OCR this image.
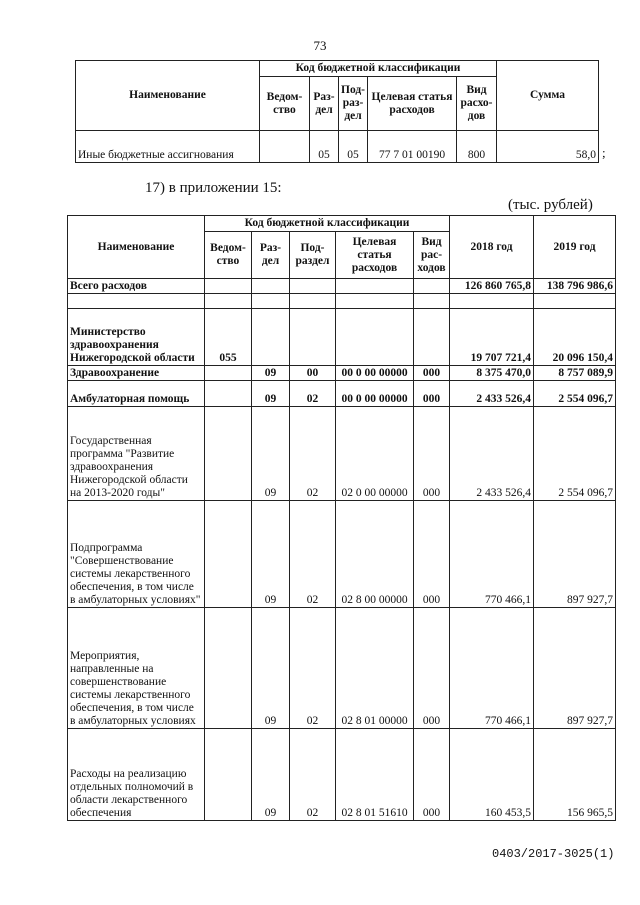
73
Наименование	Код бюджетной классификации					Сумма
	Ведом-ство	Раз-дел	Под-раз-дел	Целевая статья расходов	Вид расхо-дов	
Иные бюджетные ассигнования		05	05	77 7 01 00190	800	58,0 ;
17) в приложении 15:
(тыс. рублей)
Наименование	Код бюджетной классификации					2018 год	2019 год
	Ведом-ство	Раз-дел	Под-раздел	Целевая статья расходов	Вид рас-ходов		
Всего расходов						126 860 765,8	138 796 986,6

Министерство здравоохранения Нижегородской области	055					19 707 721,4	20 096 150,4
Здравоохранение		09	00	00 0 00 00000	000	8 375 470,0	8 757 089,9
Амбулаторная помощь		09	02	00 0 00 00000	000	2 433 526,4	2 554 096,7
Государственная программа "Развитие здравоохранения Нижегородской области на 2013-2020 годы"		09	02	02 0 00 00000	000	2 433 526,4	2 554 096,7
Подпрограмма "Совершенствование системы лекарственного обеспечения, в том числе в амбулаторных условиях"		09	02	02 8 00 00000	000	770 466,1	897 927,7
Мероприятия, направленные на совершенствование системы лекарственного обеспечения, в том числе в амбулаторных условиях		09	02	02 8 01 00000	000	770 466,1	897 927,7
Расходы на реализацию отдельных полномочий в области лекарственного обеспечения		09	02	02 8 01 51610	000	160 453,5	156 965,5
0403/2017-3025(1)
